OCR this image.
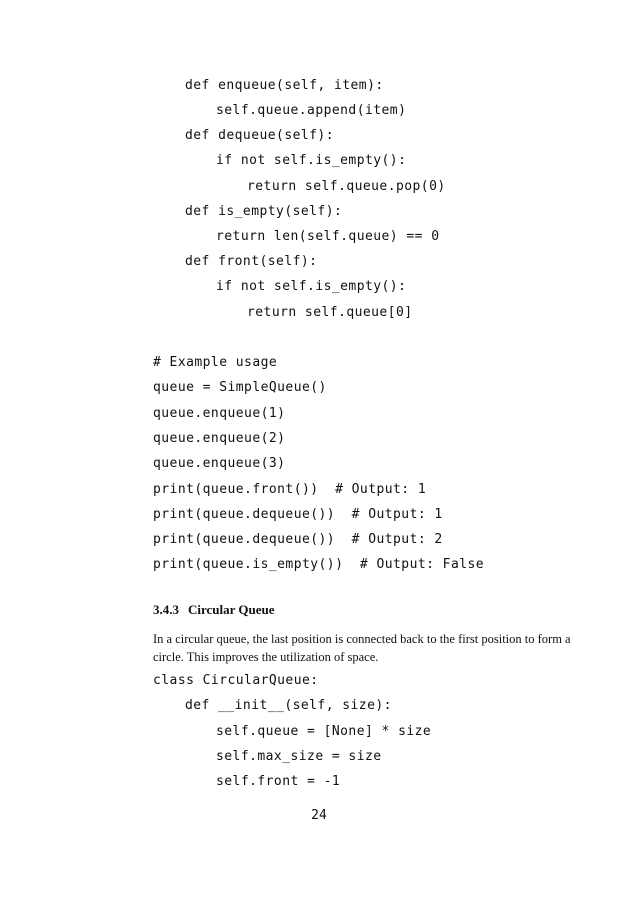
def enqueue(self, item):
self.queue.append(item)
def dequeue(self):
if not self.is_empty():
return self.queue.pop(0)
def is_empty(self):
return len(self.queue) == 0
def front(self):
if not self.is_empty():
return self.queue[0]
# Example usage
queue = SimpleQueue()
queue.enqueue(1)
queue.enqueue(2)
queue.enqueue(3)
print(queue.front())  # Output: 1
print(queue.dequeue())  # Output: 1
print(queue.dequeue())  # Output: 2
print(queue.is_empty())  # Output: False
3.4.3 Circular Queue
In a circular queue, the last position is connected back to the first position to form a
circle. This improves the utilization of space.
class CircularQueue:
def __init__(self, size):
self.queue = [None] * size
self.max_size = size
self.front = -1
24
